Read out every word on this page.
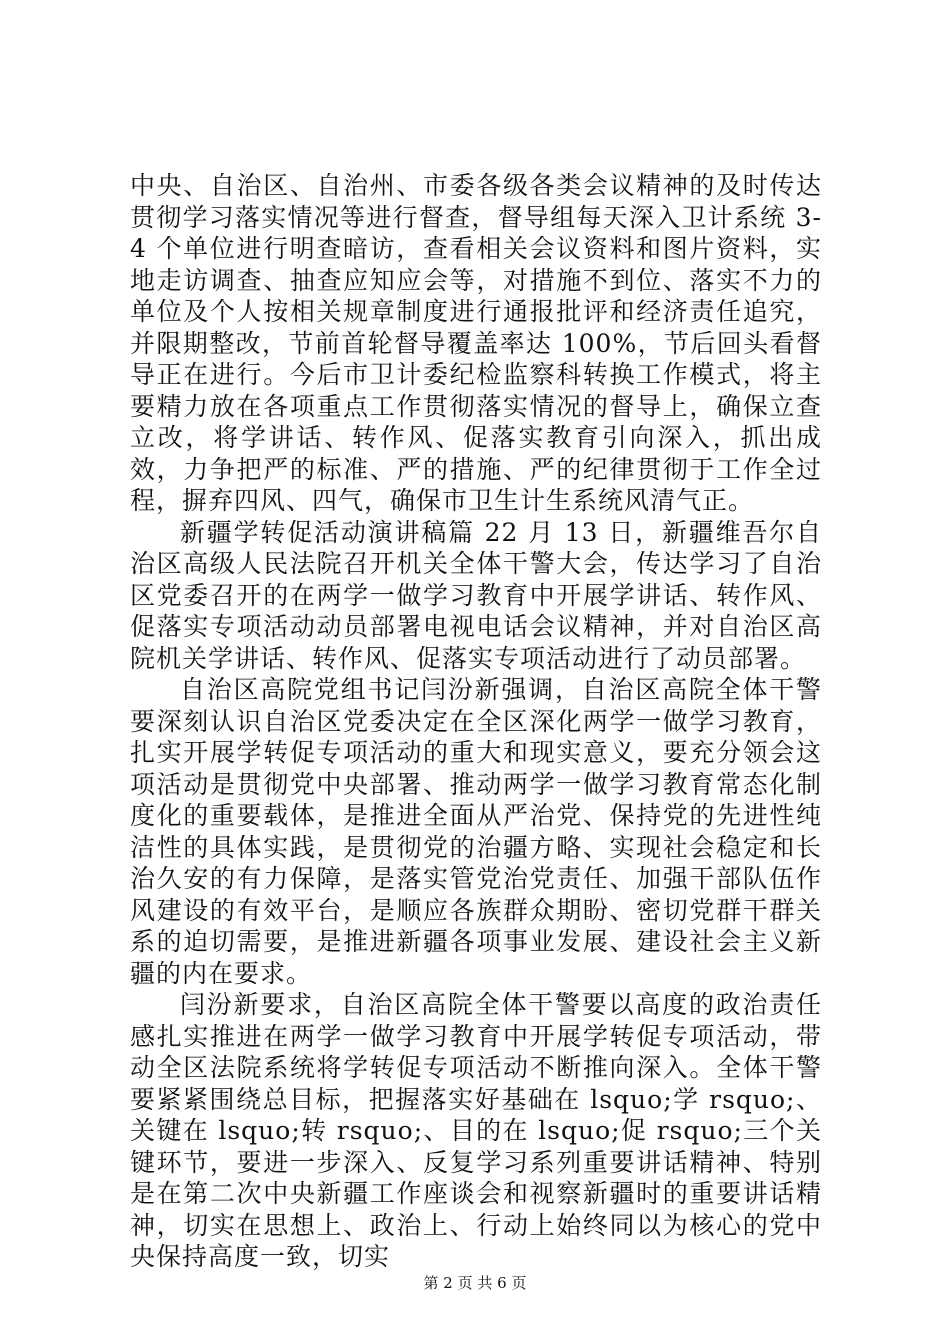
中央、自治区、自治州、市委各级各类会议精神的及时传达贯彻学习落实情况等进行督查，督导组每天深入卫计系统 3-4 个单位进行明查暗访，查看相关会议资料和图片资料，实地走访调查、抽查应知应会等，对措施不到位、落实不力的单位及个人按相关规章制度进行通报批评和经济责任追究，并限期整改，节前首轮督导覆盖率达 100%，节后回头看督导正在进行。今后市卫计委纪检监察科转换工作模式，将主要精力放在各项重点工作贯彻落实情况的督导上，确保立查立改，将学讲话、转作风、促落实教育引向深入，抓出成效，力争把严的标准、严的措施、严的纪律贯彻于工作全过程，摒弃四风、四气，确保市卫生计生系统风清气正。

新疆学转促活动演讲稿篇 22 月 13 日，新疆维吾尔自治区高级人民法院召开机关全体干警大会，传达学习了自治区党委召开的在两学一做学习教育中开展学讲话、转作风、促落实专项活动动员部署电视电话会议精神，并对自治区高院机关学讲话、转作风、促落实专项活动进行了动员部署。

自治区高院党组书记闫汾新强调，自治区高院全体干警要深刻认识自治区党委决定在全区深化两学一做学习教育，扎实开展学转促专项活动的重大和现实意义，要充分领会这项活动是贯彻党中央部署、推动两学一做学习教育常态化制度化的重要载体，是推进全面从严治党、保持党的先进性纯洁性的具体实践，是贯彻党的治疆方略、实现社会稳定和长治久安的有力保障，是落实管党治党责任、加强干部队伍作风建设的有效平台，是顺应各族群众期盼、密切党群干群关系的迫切需要，是推进新疆各项事业发展、建设社会主义新疆的内在要求。

闫汾新要求，自治区高院全体干警要以高度的政治责任感扎实推进在两学一做学习教育中开展学转促专项活动，带动全区法院系统将学转促专项活动不断推向深入。全体干警要紧紧围绕总目标，把握落实好基础在 lsquo;学 rsquo;、关键在 lsquo;转 rsquo;、目的在 lsquo;促 rsquo;三个关键环节，要进一步深入、反复学习系列重要讲话精神、特别是在第二次中央新疆工作座谈会和视察新疆时的重要讲话精神，切实在思想上、政治上、行动上始终同以为核心的党中央保持高度一致，切实

第 2 页 共 6 页
